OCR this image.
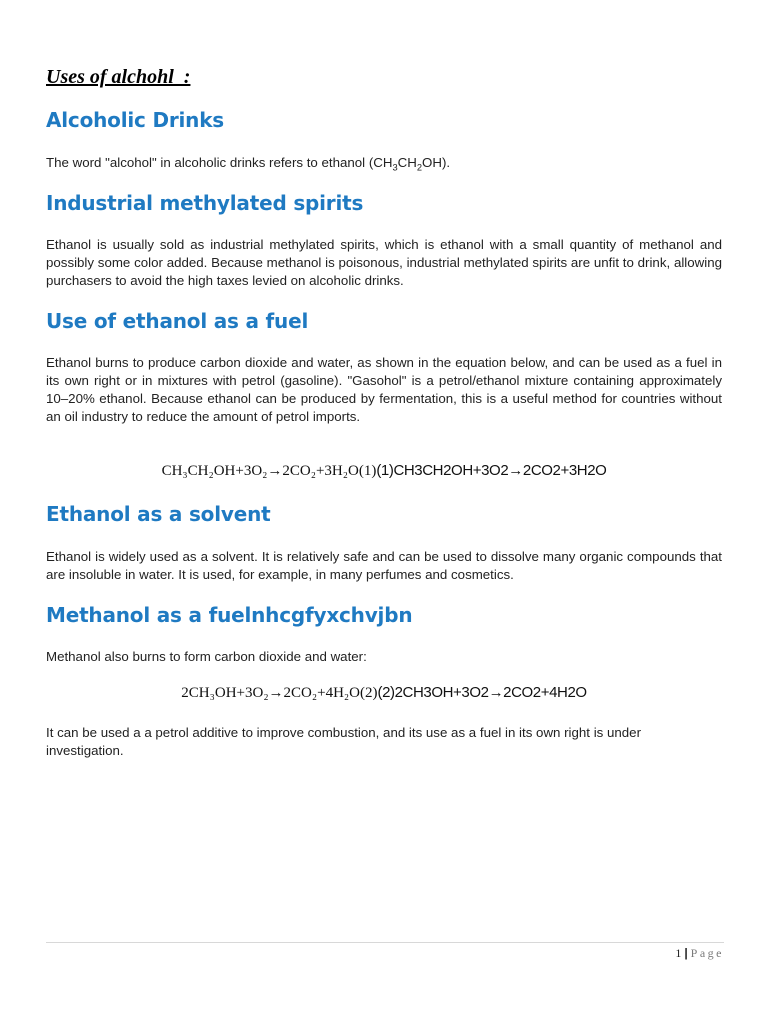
Uses of alchohl  :
Alcoholic Drinks

The word "alcohol" in alcoholic drinks refers to ethanol $(CH_3CH_2OH)$.

Industrial methylated spirits

Ethanol is usually sold as industrial methylated spirits, which is ethanol with a small quantity of methanol and possibly some color added. Because methanol is poisonous, industrial methylated spirits are unfit to drink, allowing purchasers to avoid the high taxes levied on alcoholic drinks.

Use of ethanol as a fuel

Ethanol burns to produce carbon dioxide and water, as shown in the equation below, and can be used as a fuel in its own right or in mixtures with petrol (gasoline). "Gasohol" is a petrol/ethanol mixture containing approximately 10–20% ethanol. Because ethanol can be produced by fermentation, this is a useful method for countries without an oil industry to reduce the amount of petrol imports.

CH₃CH₂OH+3O₂→2CO₂+3H₂O(1)(1)CH3CH2OH+3O2→2CO2+3H2O

Ethanol as a solvent

Ethanol is widely used as a solvent. It is relatively safe and can be used to dissolve many organic compounds that are insoluble in water. It is used, for example, in many perfumes and cosmetics.

Methanol as a fuelnhcgfyxchvjbn

Methanol also burns to form carbon dioxide and water:

2CH₃OH+3O₂→2CO₂+4H₂O(2)(2)2CH3OH+3O2→2CO2+4H2O

It can be used a a petrol additive to improve combustion, and its use as a fuel in its own right is under investigation.

1 | Page
